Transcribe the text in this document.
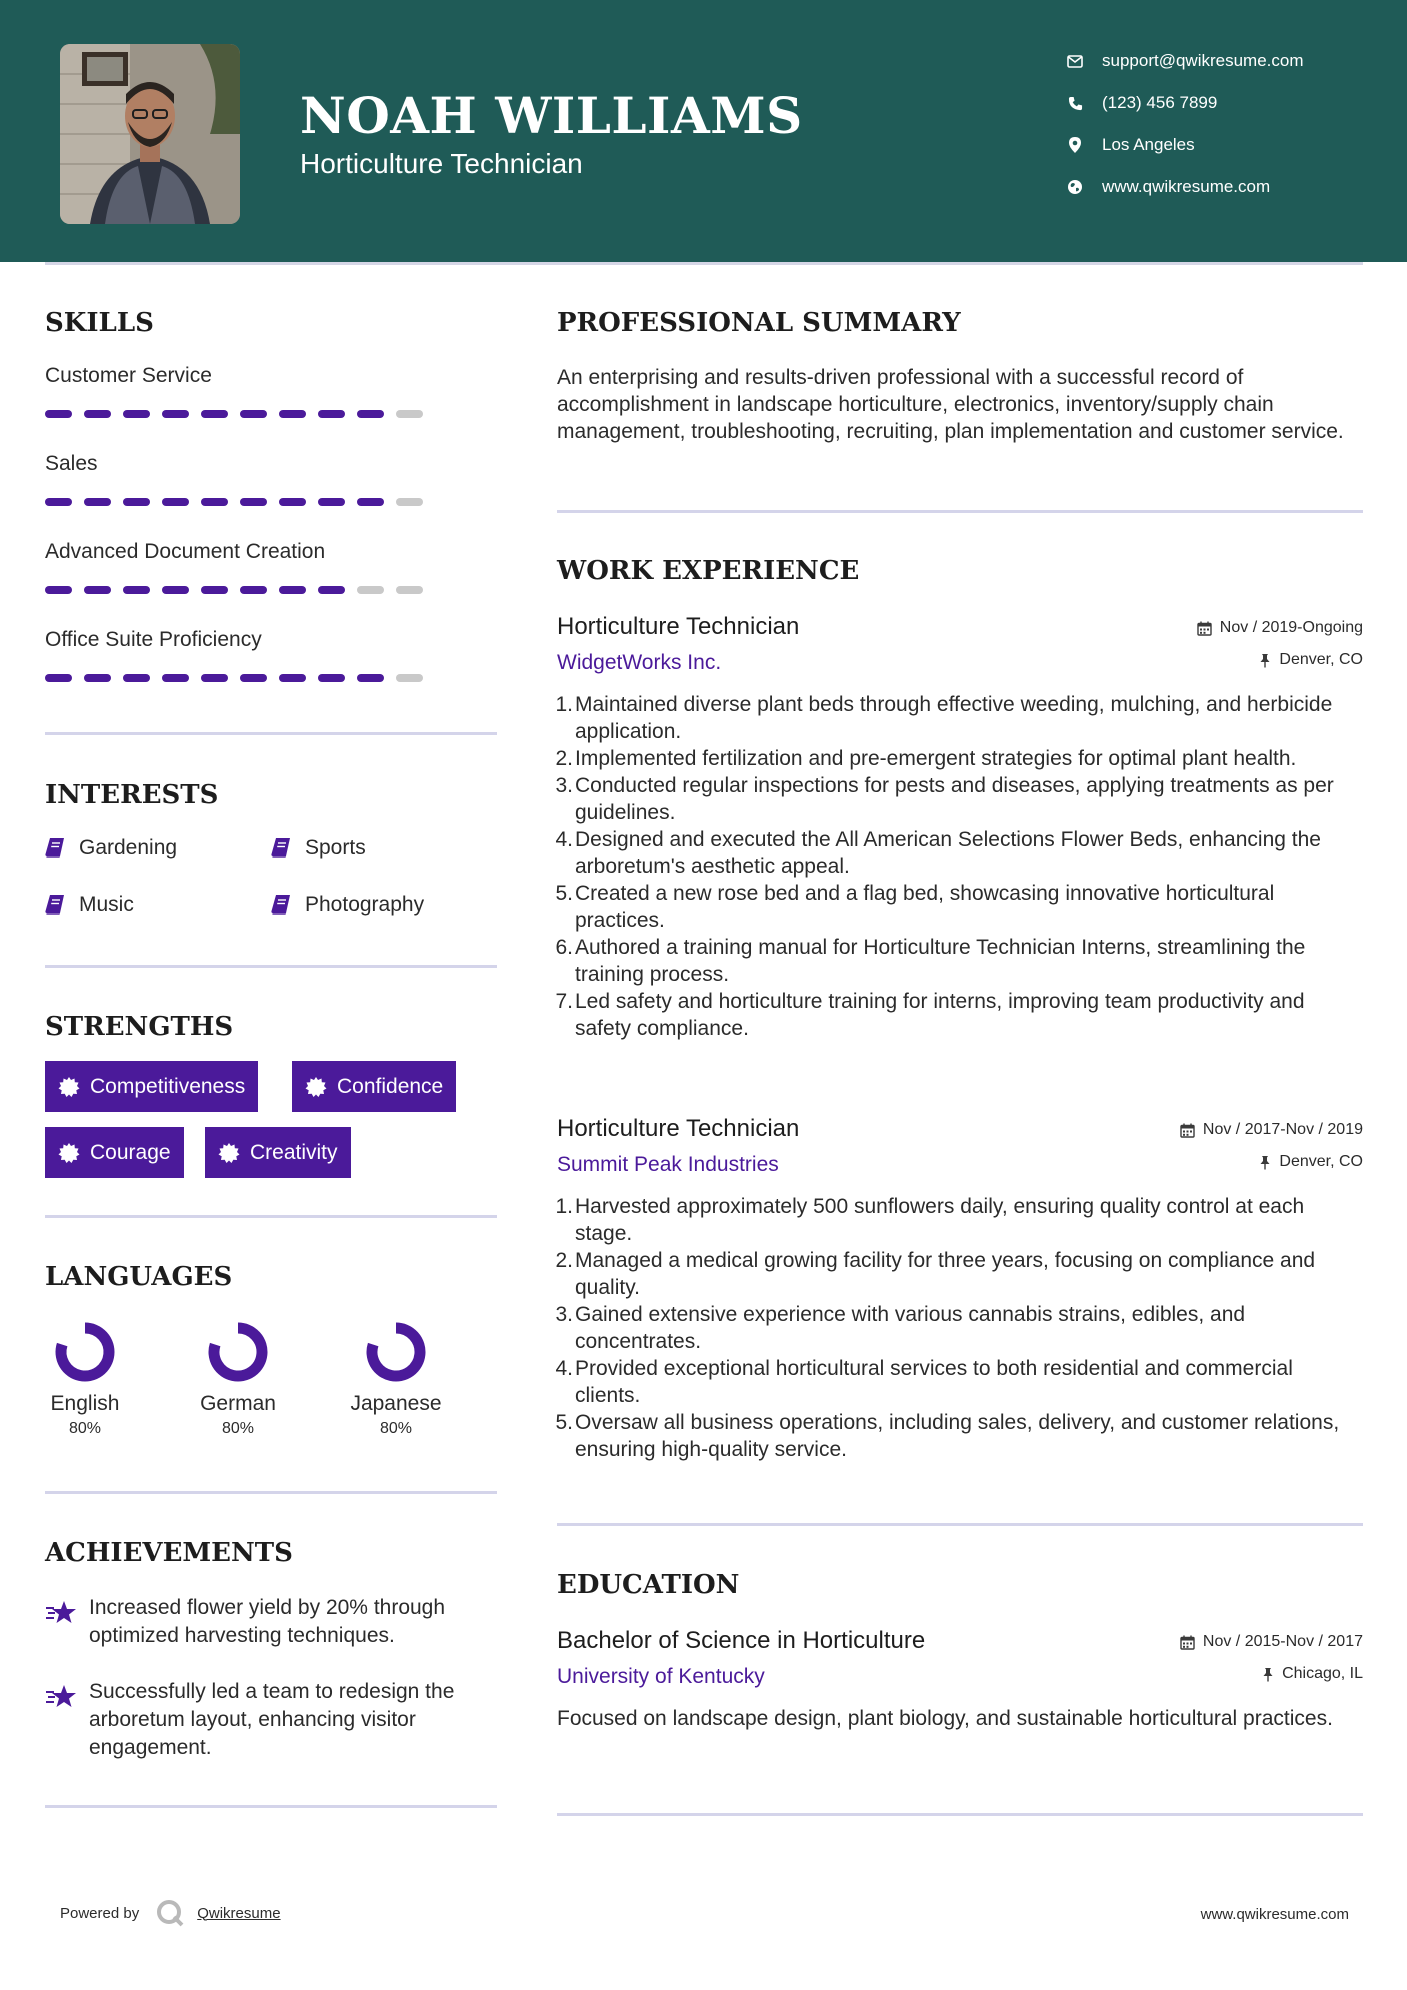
NOAH WILLIAMS
Horticulture Technician
support@qwikresume.com
(123) 456 7899
Los Angeles
www.qwikresume.com
SKILLS
Customer Service
Sales
Advanced Document Creation
Office Suite Proficiency
INTERESTS
Gardening	Sports
Music	Photography
STRENGTHS
Competitiveness	Confidence
Courage	Creativity
LANGUAGES
English
80%
German
80%
Japanese
80%
ACHIEVEMENTS
Increased flower yield by 20% through optimized harvesting techniques.
Successfully led a team to redesign the arboretum layout, enhancing visitor engagement.
PROFESSIONAL SUMMARY
An enterprising and results-driven professional with a successful record of accomplishment in landscape horticulture, electronics, inventory/supply chain management, troubleshooting, recruiting, plan implementation and customer service.
WORK EXPERIENCE
Horticulture Technician
WidgetWorks Inc.
Nov / 2019-Ongoing
Denver, CO
Maintained diverse plant beds through effective weeding, mulching, and herbicide application.
Implemented fertilization and pre-emergent strategies for optimal plant health.
Conducted regular inspections for pests and diseases, applying treatments as per guidelines.
Designed and executed the All American Selections Flower Beds, enhancing the arboretum's aesthetic appeal.
Created a new rose bed and a flag bed, showcasing innovative horticultural practices.
Authored a training manual for Horticulture Technician Interns, streamlining the training process.
Led safety and horticulture training for interns, improving team productivity and safety compliance.
Horticulture Technician
Summit Peak Industries
Nov / 2017-Nov / 2019
Denver, CO
Harvested approximately 500 sunflowers daily, ensuring quality control at each stage.
Managed a medical growing facility for three years, focusing on compliance and quality.
Gained extensive experience with various cannabis strains, edibles, and concentrates.
Provided exceptional horticultural services to both residential and commercial clients.
Oversaw all business operations, including sales, delivery, and customer relations, ensuring high-quality service.
EDUCATION
Bachelor of Science in Horticulture
University of Kentucky
Nov / 2015-Nov / 2017
Chicago, IL
Focused on landscape design, plant biology, and sustainable horticultural practices.
Powered by	Qwikresume	www.qwikresume.com
